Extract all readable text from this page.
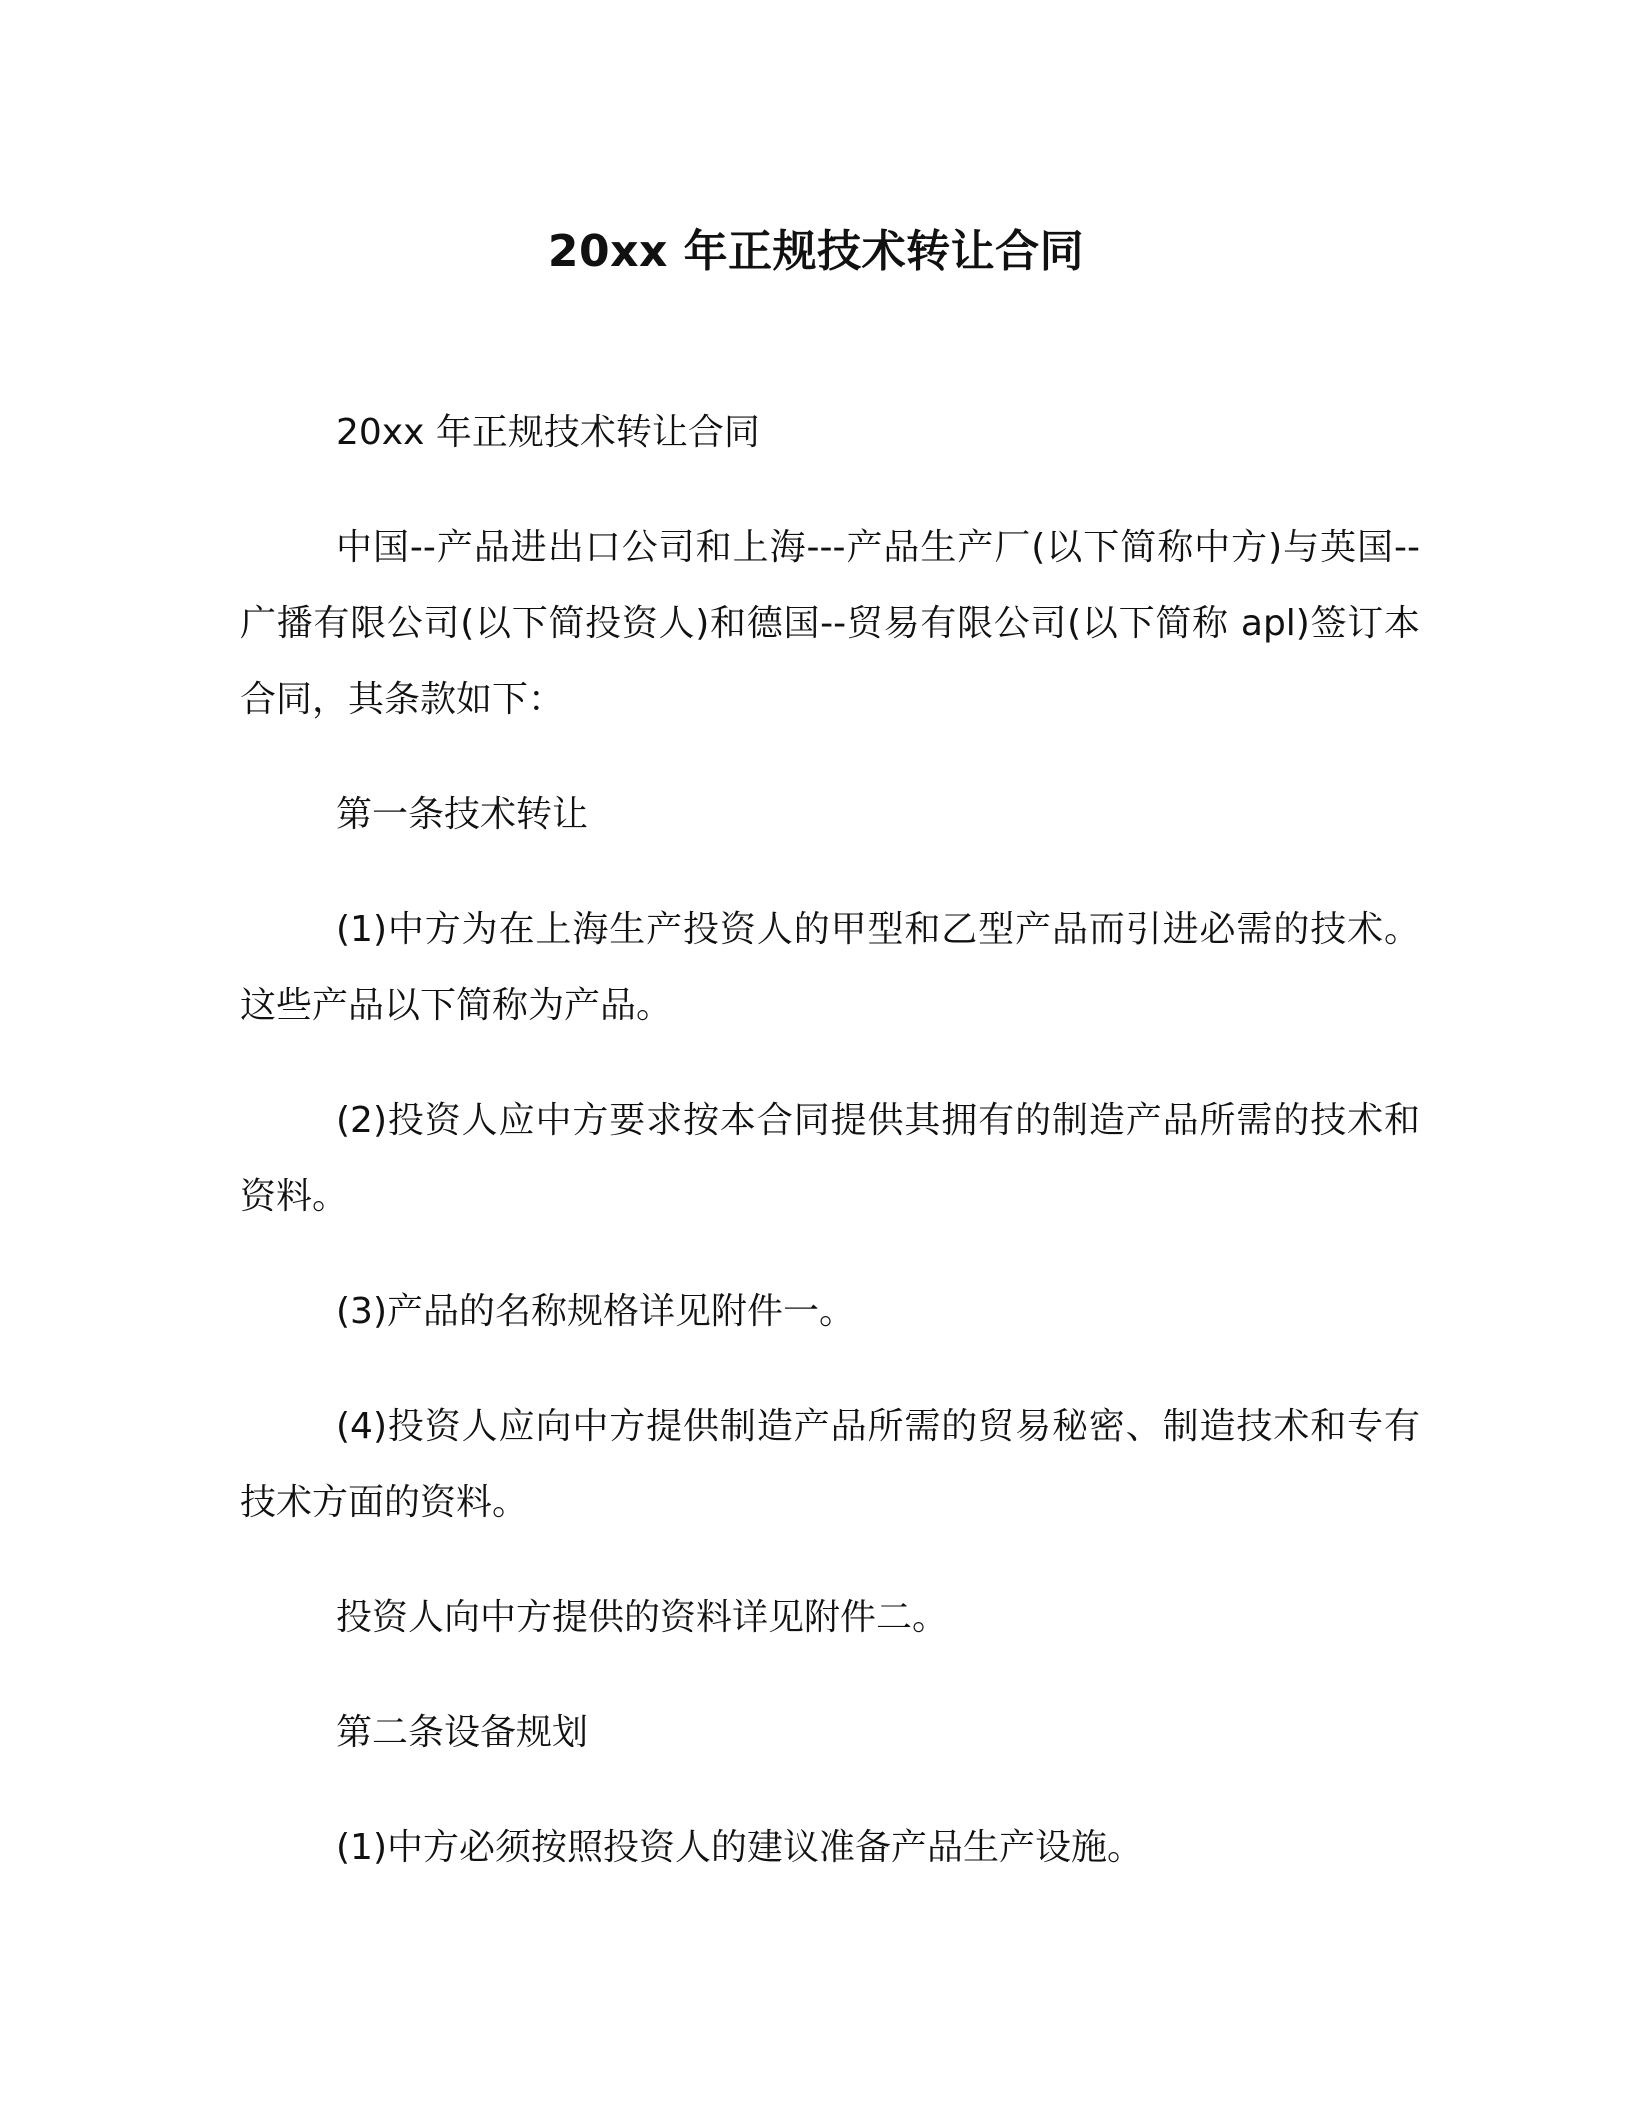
20xx 年正规技术转让合同

20xx 年正规技术转让合同

中国--产品进出口公司和上海---产品生产厂(以下简称中方)与英国--广播有限公司(以下简投资人)和德国--贸易有限公司(以下简称 apl)签订本合同，其条款如下：

第一条技术转让

(1)中方为在上海生产投资人的甲型和乙型产品而引进必需的技术。这些产品以下简称为产品。

(2)投资人应中方要求按本合同提供其拥有的制造产品所需的技术和资料。

(3)产品的名称规格详见附件一。

(4)投资人应向中方提供制造产品所需的贸易秘密、制造技术和专有技术方面的资料。

投资人向中方提供的资料详见附件二。

第二条设备规划

(1)中方必须按照投资人的建议准备产品生产设施。
